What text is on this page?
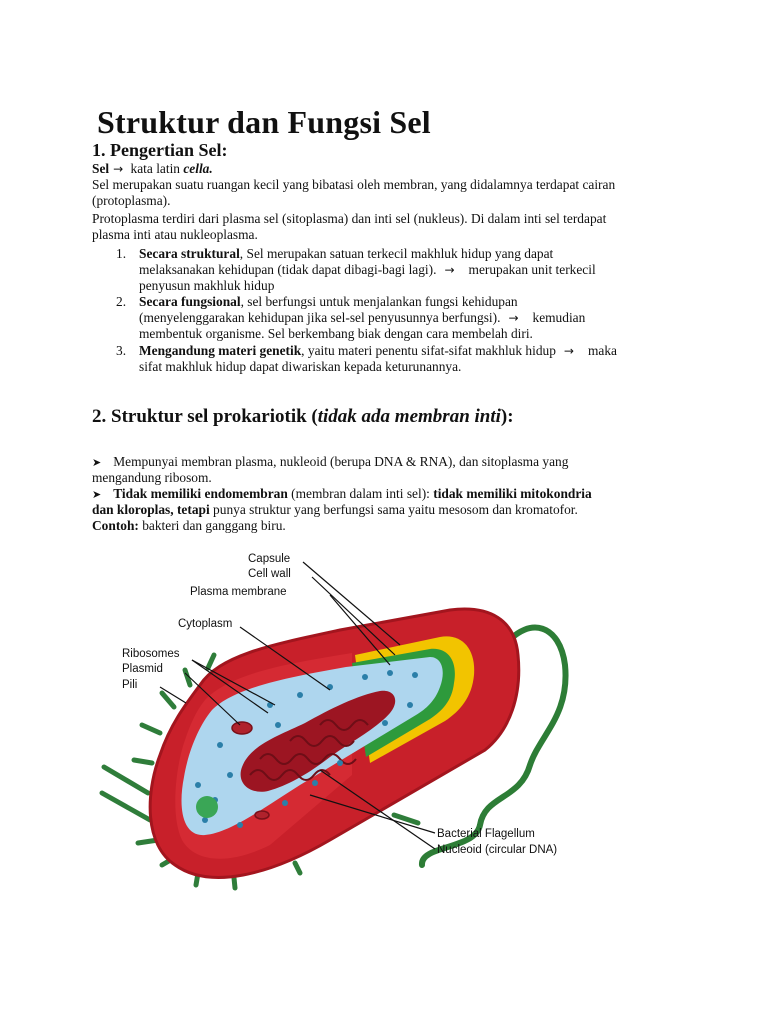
Struktur dan Fungsi Sel
1. Pengertian Sel:
Sel → kata latin cella.
Sel merupakan suatu ruangan kecil yang bibatasi oleh membran, yang didalamnya terdapat cairan
(protoplasma).
Protoplasma terdiri dari plasma sel (sitoplasma) dan inti sel (nukleus). Di dalam inti sel terdapat
plasma inti atau nukleoplasma.
1. Secara struktural, Sel merupakan satuan terkecil makhluk hidup yang dapat
melaksanakan kehidupan (tidak dapat dibagi-bagi lagi). → merupakan unit terkecil
penyusun makhluk hidup
2. Secara fungsional, sel berfungsi untuk menjalankan fungsi kehidupan
(menyelenggarakan kehidupan jika sel-sel penyusunnya berfungsi). → kemudian
membentuk organisme. Sel berkembang biak dengan cara membelah diri.
3. Mengandung materi genetik, yaitu materi penentu sifat-sifat makhluk hidup → maka
sifat makhluk hidup dapat diwariskan kepada keturunannya.
2. Struktur sel prokariotik (tidak ada membran inti):
➤ Mempunyai membran plasma, nukleoid (berupa DNA & RNA), dan sitoplasma yang
mengandung ribosom.
➤ Tidak memiliki endomembran (membran dalam inti sel): tidak memiliki mitokondria
dan kloroplas, tetapi punya struktur yang berfungsi sama yaitu mesosom dan kromatofor.
Contoh: bakteri dan ganggang biru.
Capsule
Cell wall
Plasma membrane
Cytoplasm
Ribosomes
Plasmid
Pili
Bacterial Flagellum
Nucleoid (circular DNA)
